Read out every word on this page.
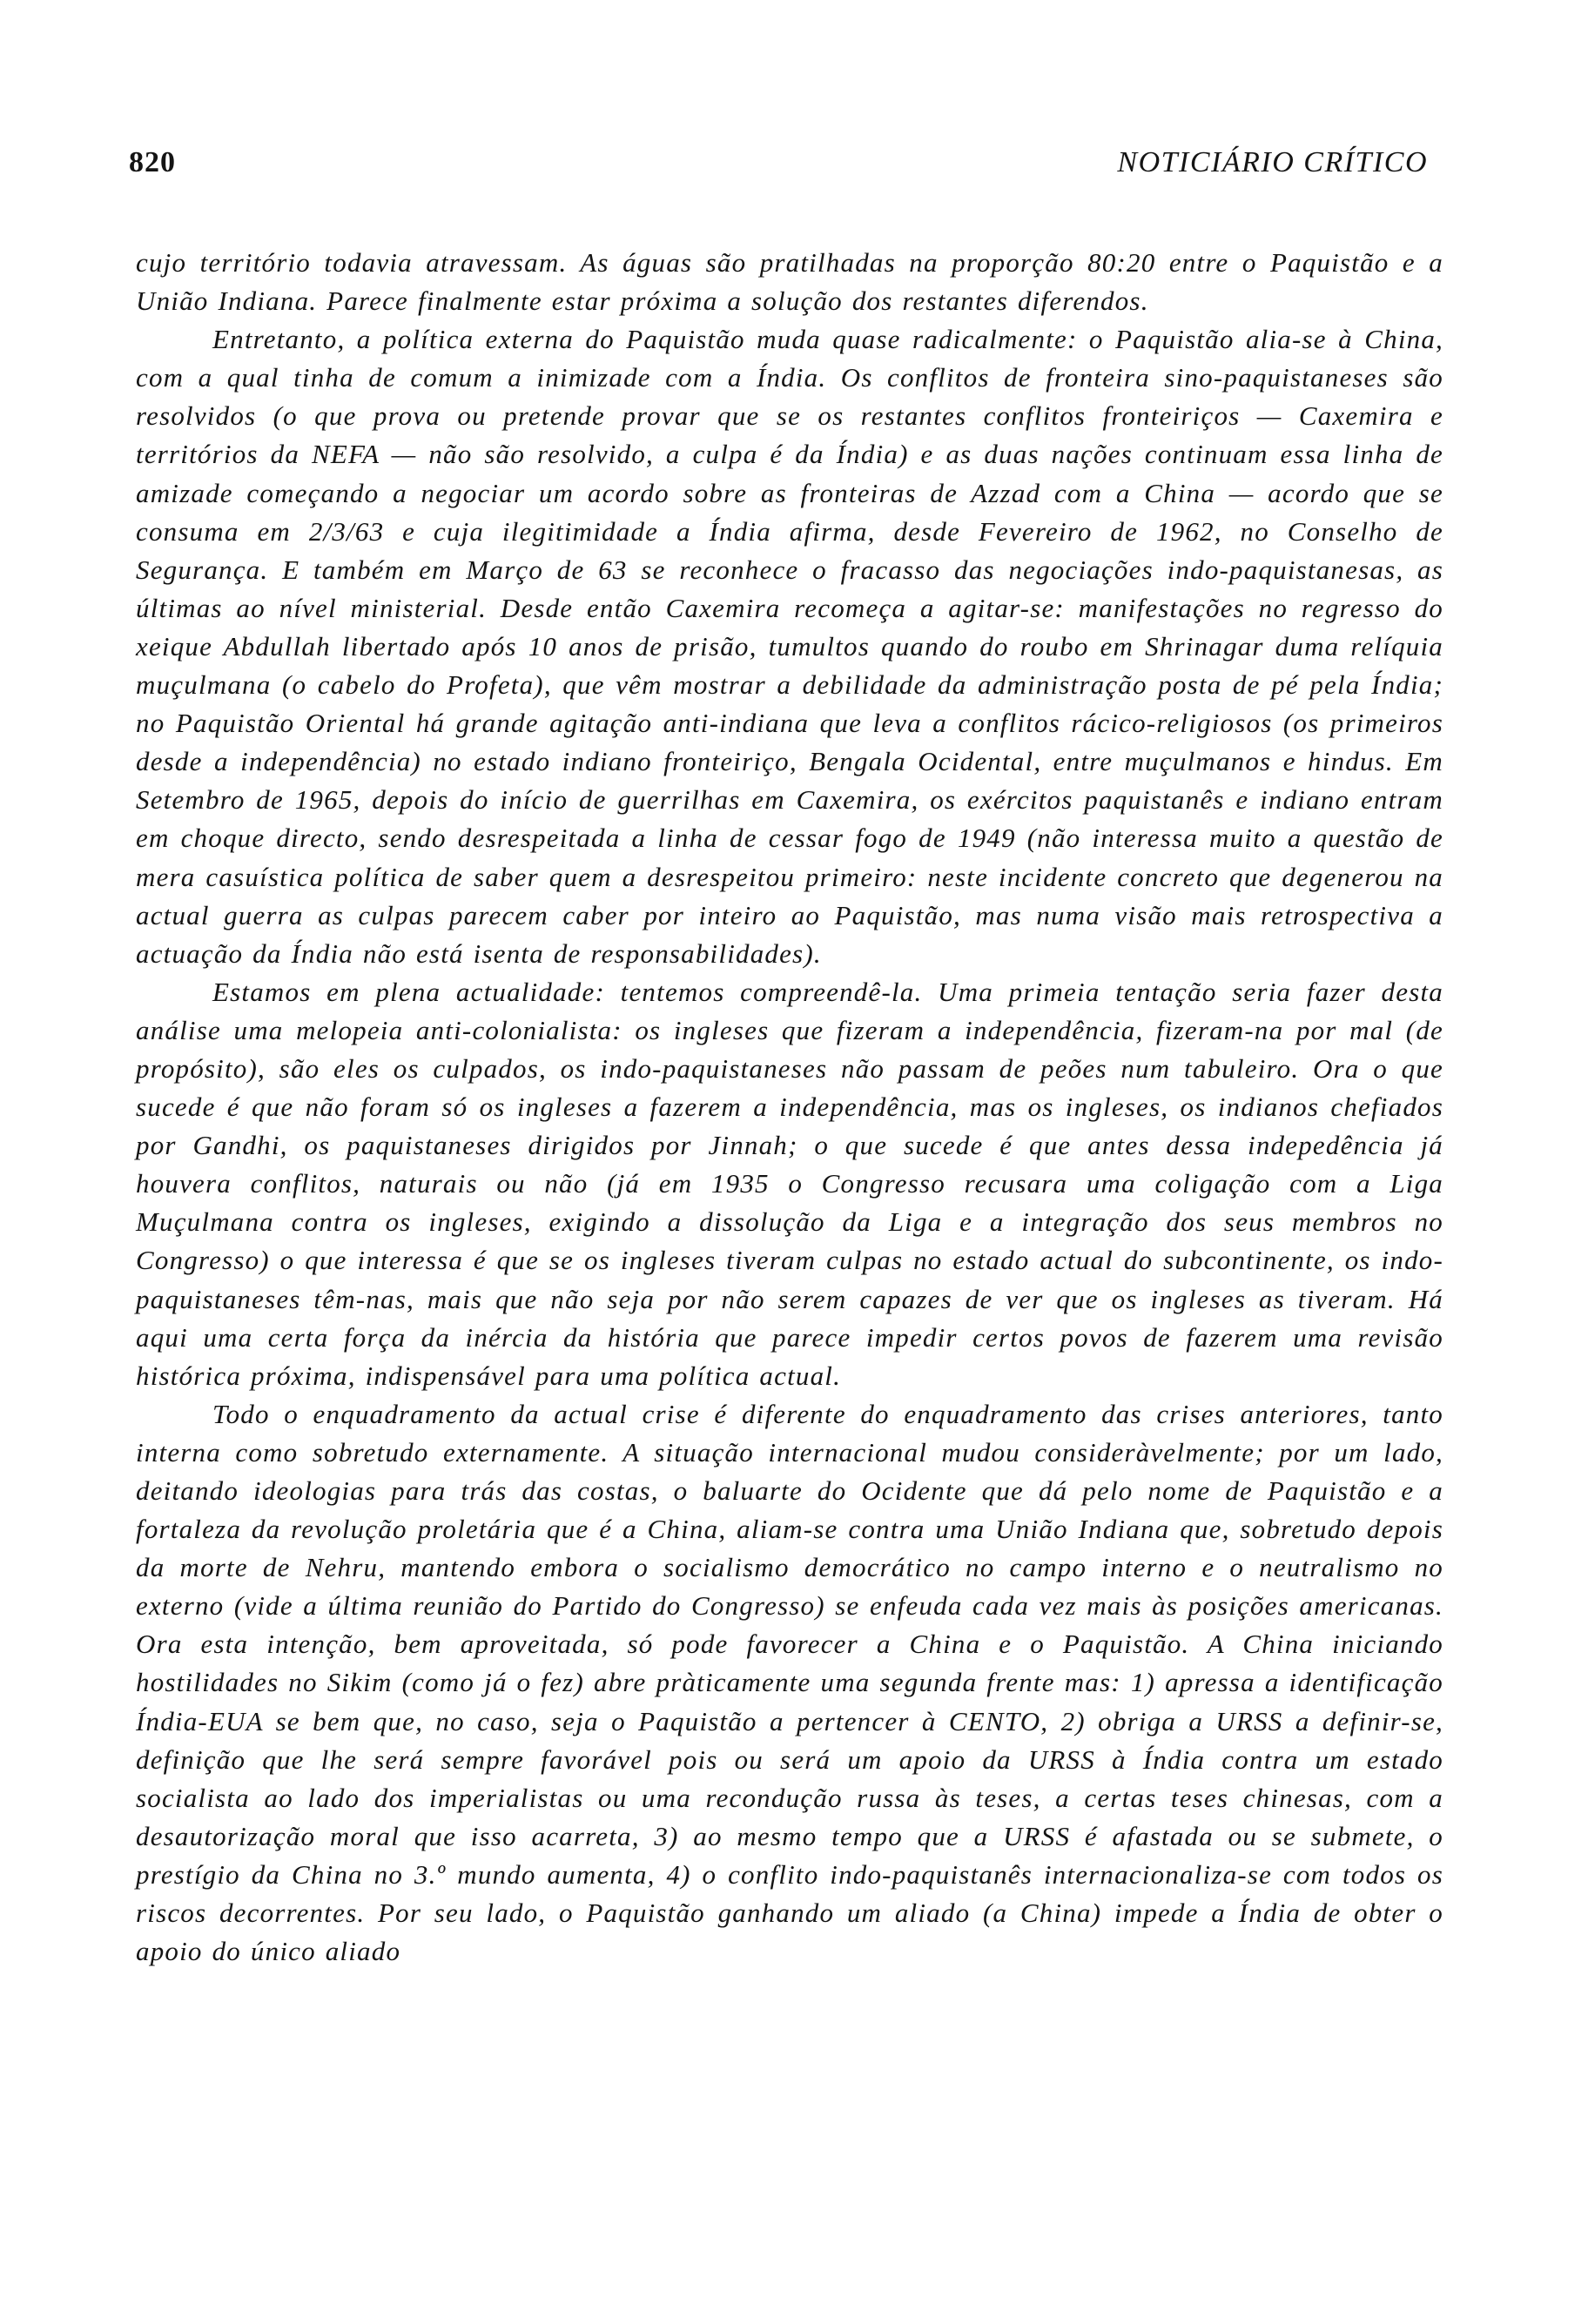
820	NOTICIÁRIO CRÍTICO

cujo território todavia atravessam. As águas são pratilhadas na proporção 80:20 entre o Paquistão e a União Indiana. Parece finalmente estar próxima a solução dos restantes diferendos.

Entretanto, a política externa do Paquistão muda quase radicalmente: o Paquistão alia-se à China, com a qual tinha de comum a inimizade com a Índia. Os conflitos de fronteira sino-paquistaneses são resolvidos (o que prova ou pretende provar que se os restantes conflitos fronteiriços — Caxemira e territórios da NEFA — não são resolvido, a culpa é da Índia) e as duas nações continuam essa linha de amizade começando a negociar um acordo sobre as fronteiras de Azzad com a China — acordo que se consuma em 2/3/63 e cuja ilegitimidade a Índia afirma, desde Fevereiro de 1962, no Conselho de Segurança. E também em Março de 63 se reconhece o fracasso das negociações indo-paquistanesas, as últimas ao nível ministerial. Desde então Caxemira recomeça a agitar-se: manifestações no regresso do xeique Abdullah libertado após 10 anos de prisão, tumultos quando do roubo em Shrinagar duma relíquia muçulmana (o cabelo do Profeta), que vêm mostrar a debilidade da administração posta de pé pela Índia; no Paquistão Oriental há grande agitação anti-indiana que leva a conflitos rácico-religiosos (os primeiros desde a independência) no estado indiano fronteiriço, Bengala Ocidental, entre muçulmanos e hindus. Em Setembro de 1965, depois do início de guerrilhas em Caxemira, os exércitos paquistanês e indiano entram em choque directo, sendo desrespeitada a linha de cessar fogo de 1949 (não interessa muito a questão de mera casuística política de saber quem a desrespeitou primeiro: neste incidente concreto que degenerou na actual guerra as culpas parecem caber por inteiro ao Paquistão, mas numa visão mais retrospectiva a actuação da Índia não está isenta de responsabilidades).

Estamos em plena actualidade: tentemos compreendê-la. Uma primeia tentação seria fazer desta análise uma melopeia anti-colonialista: os ingleses que fizeram a independência, fizeram-na por mal (de propósito), são eles os culpados, os indo-paquistaneses não passam de peões num tabuleiro. Ora o que sucede é que não foram só os ingleses a fazerem a independência, mas os ingleses, os indianos chefiados por Gandhi, os paquistaneses dirigidos por Jinnah; o que sucede é que antes dessa indepedência já houvera conflitos, naturais ou não (já em 1935 o Congresso recusara uma coligação com a Liga Muçulmana contra os ingleses, exigindo a dissolução da Liga e a integração dos seus membros no Congresso) o que interessa é que se os ingleses tiveram culpas no estado actual do subcontinente, os indo-paquistaneses têm-nas, mais que não seja por não serem capazes de ver que os ingleses as tiveram. Há aqui uma certa força da inércia da história que parece impedir certos povos de fazerem uma revisão histórica próxima, indispensável para uma política actual.

Todo o enquadramento da actual crise é diferente do enquadramento das crises anteriores, tanto interna como sobretudo externamente. A situação internacional mudou consideràvelmente; por um lado, deitando ideologias para trás das costas, o baluarte do Ocidente que dá pelo nome de Paquistão e a fortaleza da revolução proletária que é a China, aliam-se contra uma União Indiana que, sobretudo depois da morte de Nehru, mantendo embora o socialismo democrático no campo interno e o neutralismo no externo (vide a última reunião do Partido do Congresso) se enfeuda cada vez mais às posições americanas. Ora esta intenção, bem aproveitada, só pode favorecer a China e o Paquistão. A China iniciando hostilidades no Sikim (como já o fez) abre pràticamente uma segunda frente mas: 1) apressa a identificação Índia-EUA se bem que, no caso, seja o Paquistão a pertencer à CENTO, 2) obriga a URSS a definir-se, definição que lhe será sempre favorável pois ou será um apoio da URSS à Índia contra um estado socialista ao lado dos imperialistas ou uma recondução russa às teses, a certas teses chinesas, com a desautorização moral que isso acarreta, 3) ao mesmo tempo que a URSS é afastada ou se submete, o prestígio da China no 3.º mundo aumenta, 4) o conflito indo-paquistanês internacionaliza-se com todos os riscos decorrentes. Por seu lado, o Paquistão ganhando um aliado (a China) impede a Índia de obter o apoio do único aliado
